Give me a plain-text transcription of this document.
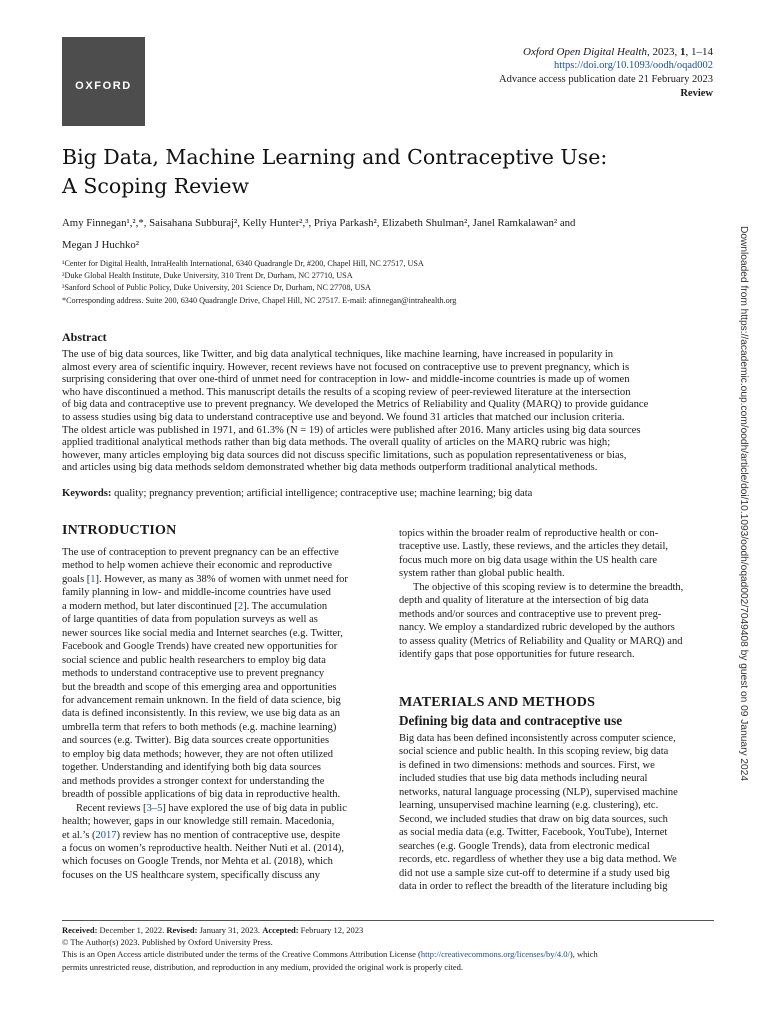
OXFORD
Oxford Open Digital Health, 2023, 1, 1–14
https://doi.org/10.1093/oodh/oqad002
Advance access publication date 21 February 2023
Review
Big Data, Machine Learning and Contraceptive Use:
A Scoping Review
Amy Finnegan¹,²,*, Saisahana Subburaj², Kelly Hunter²,³, Priya Parkash², Elizabeth Shulman², Janel Ramkalawan² and
Megan J Huchko²
¹Center for Digital Health, IntraHealth International, 6340 Quadrangle Dr, #200, Chapel Hill, NC 27517, USA
²Duke Global Health Institute, Duke University, 310 Trent Dr, Durham, NC 27710, USA
³Sanford School of Public Policy, Duke University, 201 Science Dr, Durham, NC 27708, USA
*Corresponding address. Suite 200, 6340 Quadrangle Drive, Chapel Hill, NC 27517. E-mail: afinnegan@intrahealth.org
Abstract
The use of big data sources, like Twitter, and big data analytical techniques, like machine learning, have increased in popularity in
almost every area of scientific inquiry. However, recent reviews have not focused on contraceptive use to prevent pregnancy, which is
surprising considering that over one-third of unmet need for contraception in low- and middle-income countries is made up of women
who have discontinued a method. This manuscript details the results of a scoping review of peer-reviewed literature at the intersection
of big data and contraceptive use to prevent pregnancy. We developed the Metrics of Reliability and Quality (MARQ) to provide guidance
to assess studies using big data to understand contraceptive use and beyond. We found 31 articles that matched our inclusion criteria.
The oldest article was published in 1971, and 61.3% (N = 19) of articles were published after 2016. Many articles using big data sources
applied traditional analytical methods rather than big data methods. The overall quality of articles on the MARQ rubric was high;
however, many articles employing big data sources did not discuss specific limitations, such as population representativeness or bias,
and articles using big data methods seldom demonstrated whether big data methods outperform traditional analytical methods.
Keywords: quality; pregnancy prevention; artificial intelligence; contraceptive use; machine learning; big data
INTRODUCTION
The use of contraception to prevent pregnancy can be an effective
method to help women achieve their economic and reproductive
goals [1]. However, as many as 38% of women with unmet need for
family planning in low- and middle-income countries have used
a modern method, but later discontinued [2]. The accumulation
of large quantities of data from population surveys as well as
newer sources like social media and Internet searches (e.g. Twitter,
Facebook and Google Trends) have created new opportunities for
social science and public health researchers to employ big data
methods to understand contraceptive use to prevent pregnancy
but the breadth and scope of this emerging area and opportunities
for advancement remain unknown. In the field of data science, big
data is defined inconsistently. In this review, we use big data as an
umbrella term that refers to both methods (e.g. machine learning)
and sources (e.g. Twitter). Big data sources create opportunities
to employ big data methods; however, they are not often utilized
together. Understanding and identifying both big data sources
and methods provides a stronger context for understanding the
breadth of possible applications of big data in reproductive health.
Recent reviews [3–5] have explored the use of big data in public
health; however, gaps in our knowledge still remain. Macedonia,
et al.’s (2017) review has no mention of contraceptive use, despite
a focus on women’s reproductive health. Neither Nuti et al. (2014),
which focuses on Google Trends, nor Mehta et al. (2018), which
focuses on the US healthcare system, specifically discuss any
topics within the broader realm of reproductive health or con-
traceptive use. Lastly, these reviews, and the articles they detail,
focus much more on big data usage within the US health care
system rather than global public health.
The objective of this scoping review is to determine the breadth,
depth and quality of literature at the intersection of big data
methods and/or sources and contraceptive use to prevent preg-
nancy. We employ a standardized rubric developed by the authors
to assess quality (Metrics of Reliability and Quality or MARQ) and
identify gaps that pose opportunities for future research.
MATERIALS AND METHODS
Defining big data and contraceptive use
Big data has been defined inconsistently across computer science,
social science and public health. In this scoping review, big data
is defined in two dimensions: methods and sources. First, we
included studies that use big data methods including neural
networks, natural language processing (NLP), supervised machine
learning, unsupervised machine learning (e.g. clustering), etc.
Second, we included studies that draw on big data sources, such
as social media data (e.g. Twitter, Facebook, YouTube), Internet
searches (e.g. Google Trends), data from electronic medical
records, etc. regardless of whether they use a big data method. We
did not use a sample size cut-off to determine if a study used big
data in order to reflect the breadth of the literature including big
Downloaded from https://academic.oup.com/oodh/article/doi/10.1093/oodh/oqad002/7049408 by guest on 09 January 2024
Received: December 1, 2022. Revised: January 31, 2023. Accepted: February 12, 2023
© The Author(s) 2023. Published by Oxford University Press.
This is an Open Access article distributed under the terms of the Creative Commons Attribution License (http://creativecommons.org/licenses/by/4.0/), which
permits unrestricted reuse, distribution, and reproduction in any medium, provided the original work is properly cited.
